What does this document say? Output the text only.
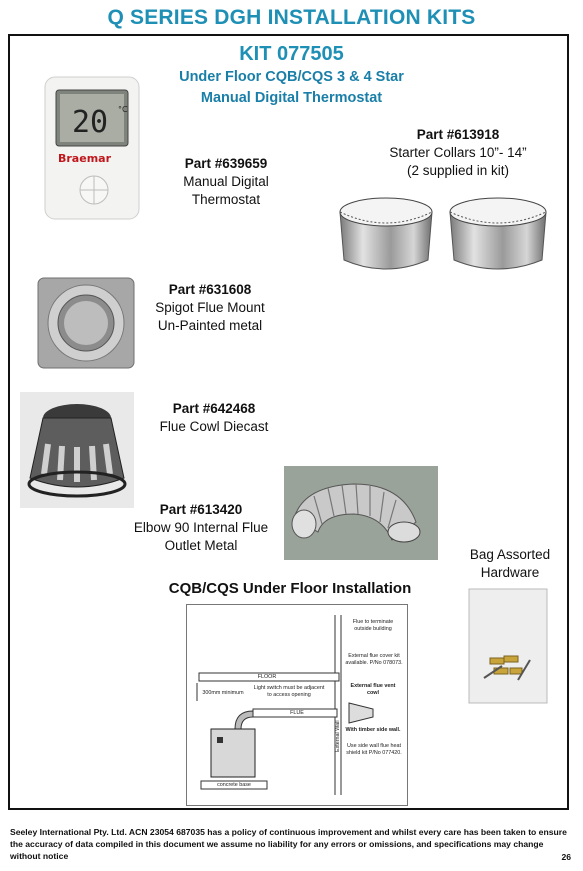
Q SERIES DGH INSTALLATION KITS
KIT 077505
Under Floor CQB/CQS 3 & 4 Star
Manual Digital Thermostat
20 °C
Braemar	Part #639659
Manual Digital
Thermostat
Part #613918
Starter Collars 10”- 14”
(2 supplied in kit)
Part #631608
Spigot Flue Mount
Un-Painted metal
Part #642468
Flue Cowl Diecast
Part #613420
Elbow 90 Internal Flue
Outlet Metal
Bag Assorted
Hardware
CQB/CQS Under Floor Installation
Flue to terminate outside building
External flue cover kit available. P/No 078073.
External flue vent cowl
FLOOR
300mm minimum
Light switch must be adjacent to access opening
FLUE
External Wall With timber side wall.
Use side wall flue heat shield kit P/No 077420.
concrete base
Seeley International Pty. Ltd. ACN 23054 687035 has a policy of continuous improvement and whilst every care has been taken to ensure the accuracy of data compiled in this document we assume no liability for any errors or omissions, and specifications may change without notice	26
